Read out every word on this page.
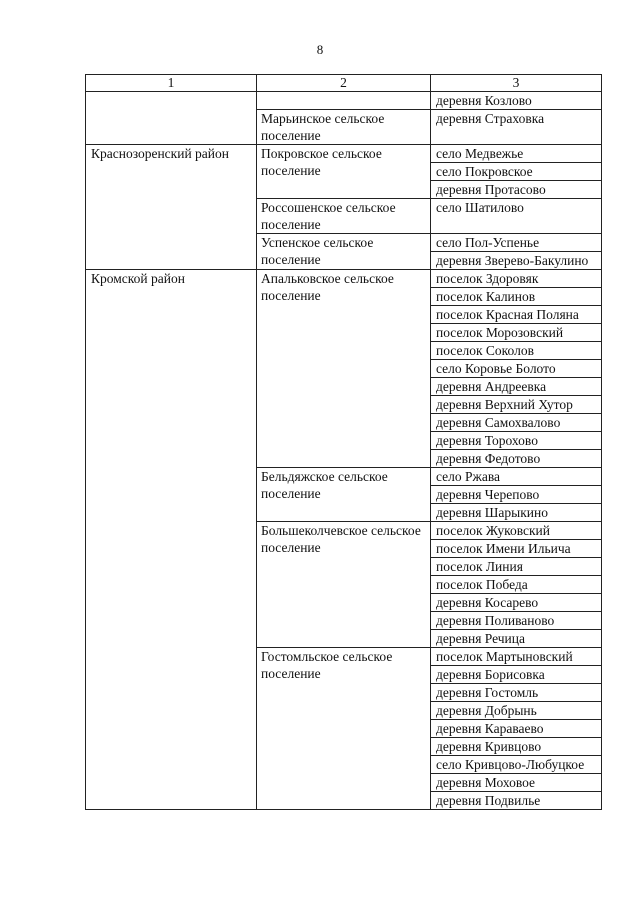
8
1	2	3
		деревня Козлово
	Марьинское сельское поселение	деревня Страховка
Краснозоренский район	Покровское сельское поселение	село Медвежье
		село Покровское
		деревня Протасово
	Россошенское сельское поселение	село Шатилово
	Успенское сельское поселение	село Пол-Успенье
		деревня Зверево-Бакулино
Кромской район	Апальковское сельское поселение	поселок Здоровяк
		поселок Калинов
		поселок Красная Поляна
		поселок Морозовский
		поселок Соколов
		село Коровье Болото
		деревня Андреевка
		деревня Верхний Хутор
		деревня Самохвалово
		деревня Торохово
		деревня Федотово
	Бельдяжское сельское поселение	село Ржава
		деревня Черепово
		деревня Шарыкино
	Большеколчевское сельское поселение	поселок Жуковский
		поселок Имени Ильича
		поселок Линия
		поселок Победа
		деревня Косарево
		деревня Поливаново
		деревня Речица
	Гостомльское сельское поселение	поселок Мартыновский
		деревня Борисовка
		деревня Гостомль
		деревня Добрынь
		деревня Караваево
		деревня Кривцово
		село Кривцово-Любуцкое
		деревня Моховое
		деревня Подвилье
